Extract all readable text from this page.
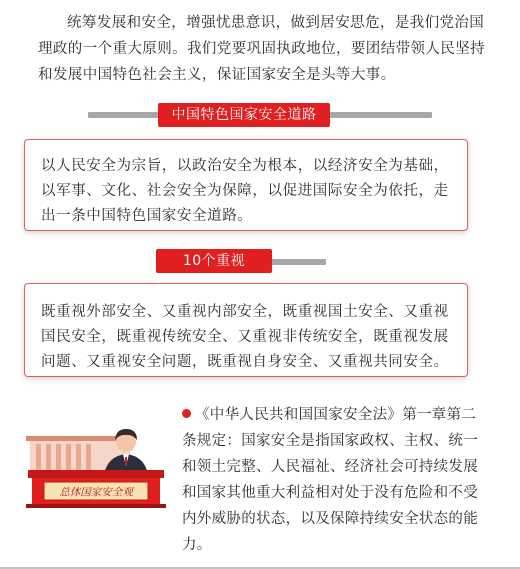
统筹发展和安全，增强忧患意识，做到居安思危，是我们党治国理政的一个重大原则。我们党要巩固执政地位，要团结带领人民坚持和发展中国特色社会主义，保证国家安全是头等大事。

中国特色国家安全道路

以人民安全为宗旨，以政治安全为根本，以经济安全为基础，以军事、文化、社会安全为保障，以促进国际安全为依托，走出一条中国特色国家安全道路。

10个重视

既重视外部安全、又重视内部安全，既重视国土安全、又重视国民安全，既重视传统安全、又重视非传统安全，既重视发展问题、又重视安全问题，既重视自身安全、又重视共同安全。

总体国家安全观

《中华人民共和国国家安全法》第一章第二条规定：国家安全是指国家政权、主权、统一和领土完整、人民福祉、经济社会可持续发展和国家其他重大利益相对处于没有危险和不受内外威胁的状态，以及保障持续安全状态的能力。
